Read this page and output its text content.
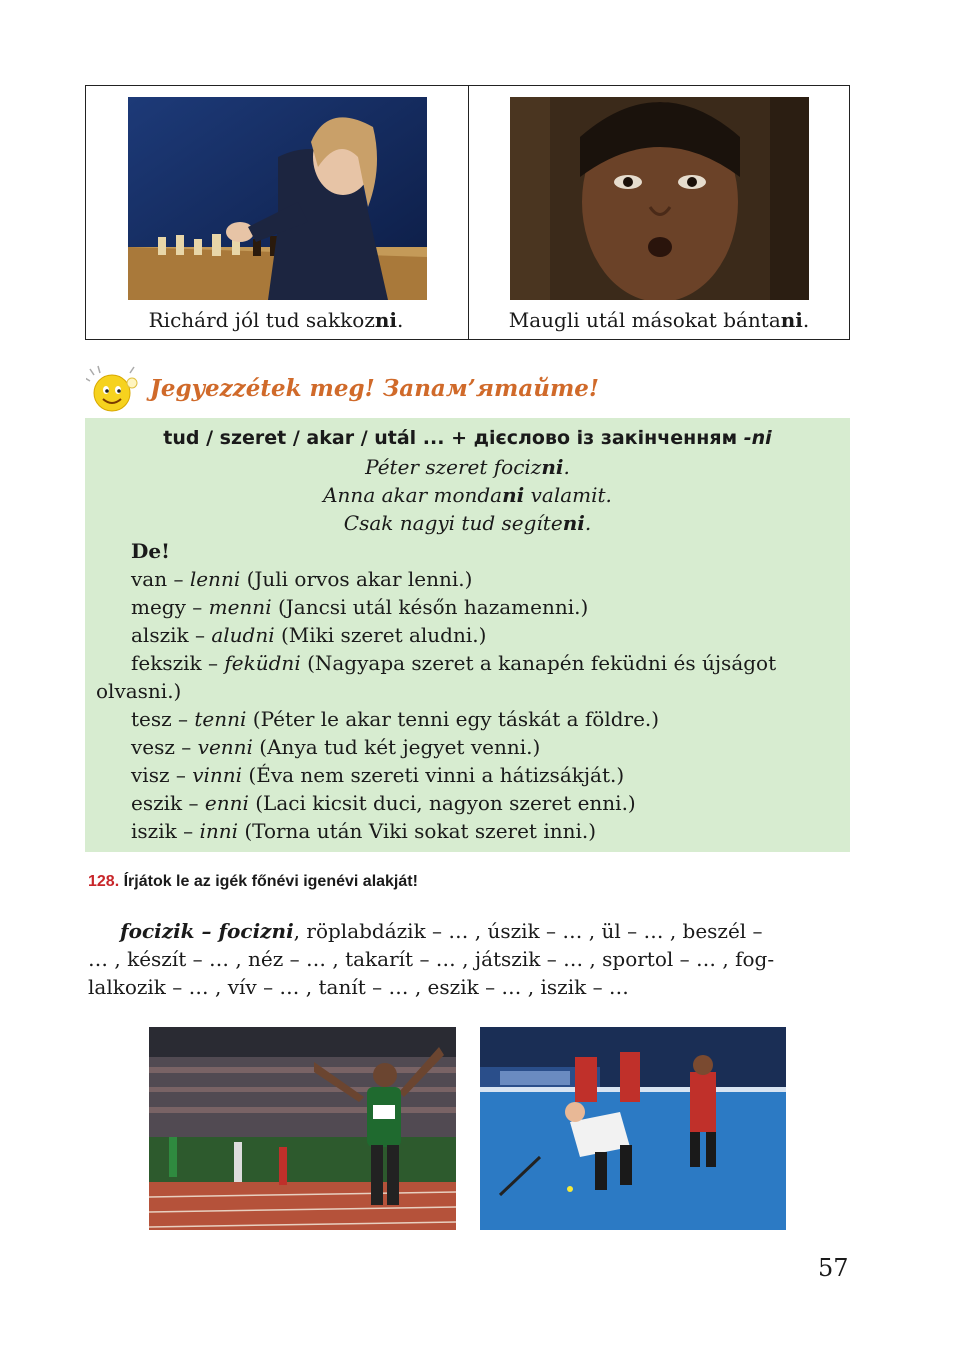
Richárd jól tud sakkozni.	Maugli utál másokat bántani.
Jegyezzétek meg! Запам’ятайте!
tud / szeret / akar / utál ... + дієслово із закінченням -ni
Péter szeret focizni.
Anna akar mondani valamit.
Csak nagyi tud segíteni.
De!
van – lenni (Juli orvos akar lenni.)
megy – menni (Jancsi utál későn hazamenni.)
alszik – aludni (Miki szeret aludni.)
fekszik – feküdni (Nagyapa szeret a kanapén feküdni és újságot
olvasni.)
tesz – tenni (Péter le akar tenni egy táskát a földre.)
vesz – venni (Anya tud két jegyet venni.)
visz – vinni (Éva nem szereti vinni a hátizsákját.)
eszik – enni (Laci kicsit duci, nagyon szeret enni.)
iszik – inni (Torna után Viki sokat szeret inni.)
128. Írjátok le az igék főnévi igenévi alakját!
focizik – focizni, röplabdázik – … , úszik – … , ül – … , beszél –
… , készít – … , néz – … , takarít – … , játszik – … , sportol – … , fog-
lalkozik – … , vív – … , tanít – … , eszik – … , iszik – …
57
